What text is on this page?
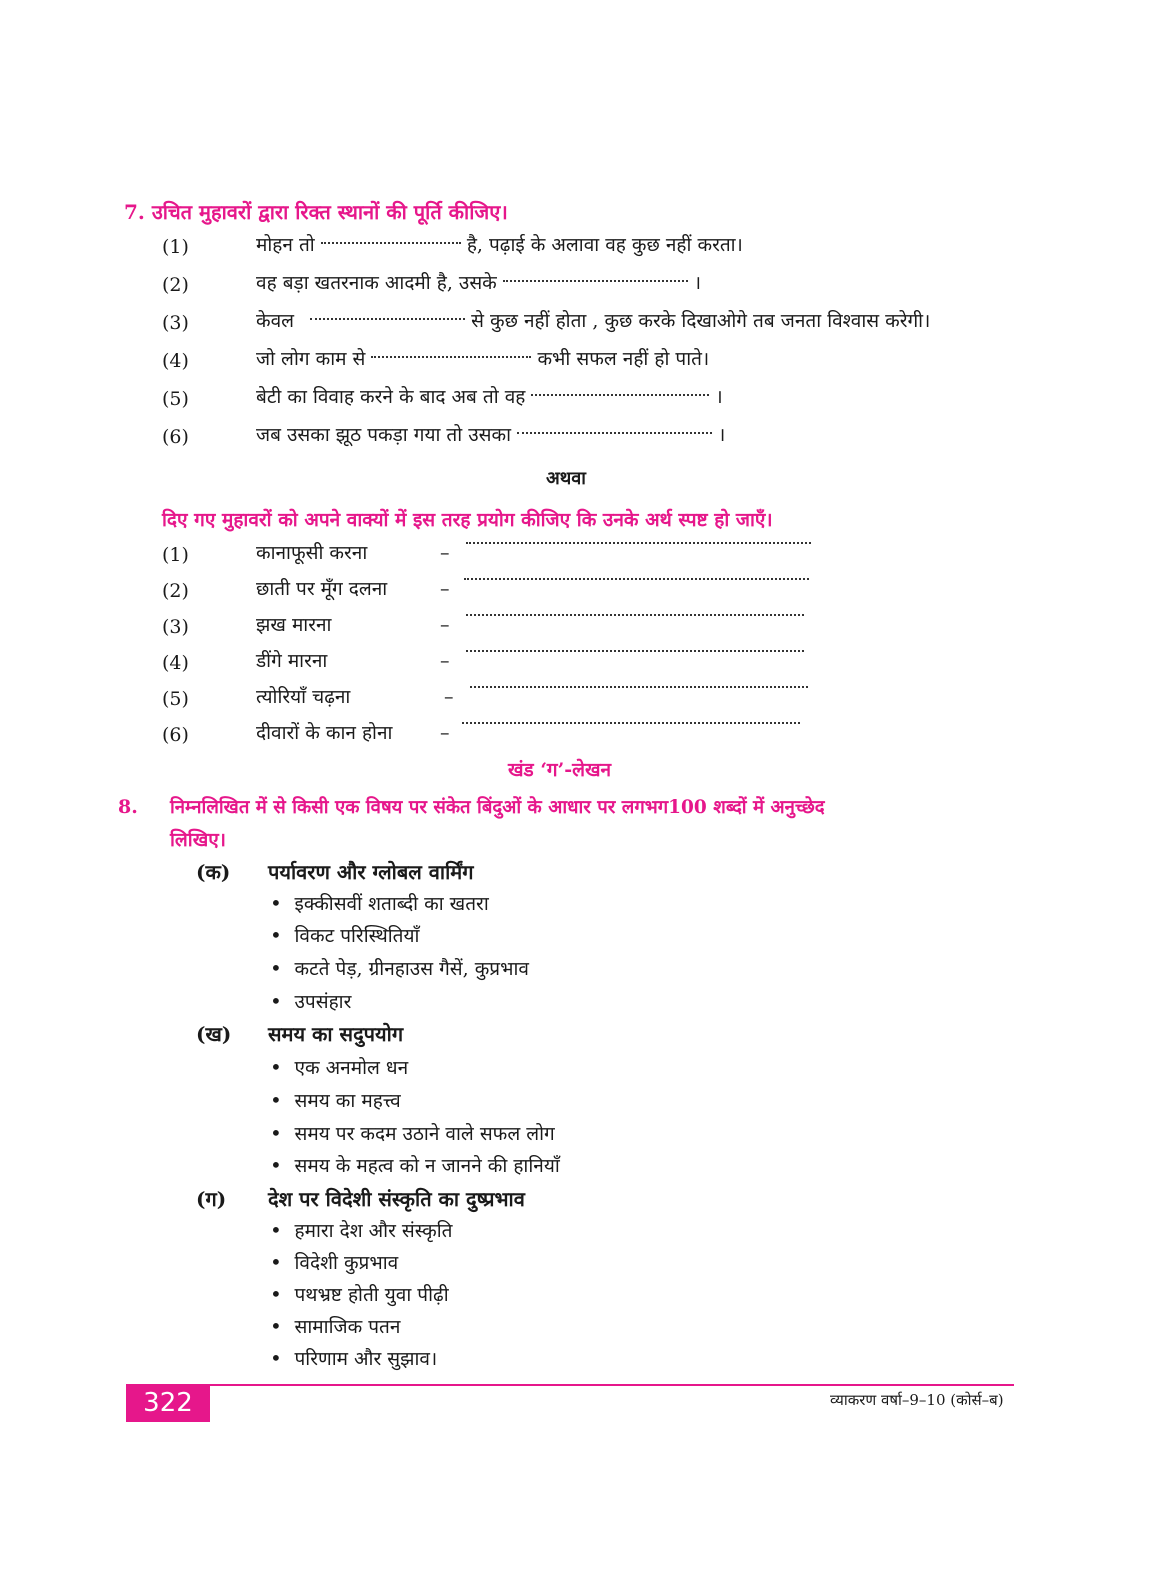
7. उचित मुहावरों द्वारा रिक्त स्थानों की पूर्ति कीजिए।
(1)	मोहन तो	है, पढ़ाई के अलावा वह कुछ नहीं करता।
(2)	वह बड़ा खतरनाक आदमी है, उसके	।
(3)	केवल	से कुछ नहीं होता , कुछ करके दिखाओगे तब जनता विश्वास करेगी।
(4)	जो लोग काम से	कभी सफल नहीं हो पाते।
(5)	बेटी का विवाह करने के बाद अब तो वह	।
(6)	जब उसका झूठ पकड़ा गया तो उसका	।
अथवा
दिए गए मुहावरों को अपने वाक्यों में इस तरह प्रयोग कीजिए कि उनके अर्थ स्पष्ट हो जाएँ।
(1)	कानाफूसी करना	–
(2)	छाती पर मूँग दलना	–
(3)	झख मारना	–
(4)	डींगे मारना	–
(5)	त्योरियाँ चढ़ना	–
(6)	दीवारों के कान होना	–
खंड ‘ग’-लेखन
8. निम्नलिखित में से किसी एक विषय पर संकेत बिंदुओं के आधार पर लगभग100 शब्दों में अनुच्छेद
लिखिए।
(क) पर्यावरण और ग्लोबल वार्मिंग
•  इक्कीसवीं शताब्दी का खतरा
•  विकट परिस्थितियाँ
•  कटते पेड़, ग्रीनहाउस गैसें, कुप्रभाव
•  उपसंहार
(ख) समय का सदुपयोग
•  एक अनमोल धन
•  समय का महत्त्व
•  समय पर कदम उठाने वाले सफल लोग
•  समय के महत्व को न जानने की हानियाँ
(ग) देश पर विदेशी संस्कृति का दुष्प्रभाव
•  हमारा देश और संस्कृति
•  विदेशी कुप्रभाव
•  पथभ्रष्ट होती युवा पीढ़ी
•  सामाजिक पतन
•  परिणाम और सुझाव।
322	व्याकरण वर्षा–9–10 (कोर्स–ब)
